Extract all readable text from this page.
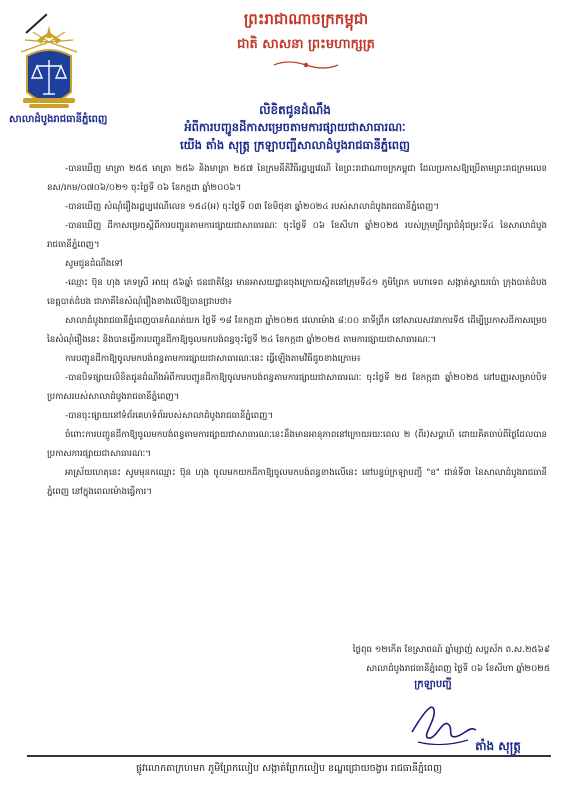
សាលាដំបូងរាជធានីភ្នំពេញ
ព្រះរាជាណាចក្រកម្ពុជា
ជាតិ សាសនា ព្រះមហាក្សត្រ
លិខិតជូនដំណឹង
អំពីការបញ្ជូនដីកាសម្រេចតាមការផ្សាយជាសាធារណៈ
យើង តាំង សុត្ត្រ ក្រឡាបញ្ជីសាលាដំបូងរាជធានីភ្នំពេញ

-បានឃើញ មាត្រា ២៥៥ មាត្រា ២៥៦ និងមាត្រា ២៥៧ នៃក្រមនីតិវិធីរដ្ឋប្បវេណី នៃព្រះរាជាណាចក្រកម្ពុជា ដែលប្រកាសឱ្យប្រើតាមព្រះរាជក្រមលេខ នស/រកម/០៧០៦/០២១ ចុះថ្ងៃទី ០៦ ខែកក្កដា ឆ្នាំ២០០៦។

-បានឃើញ សំណុំរឿងរដ្ឋប្បវេណីលេខ ១៥៤(អ) ចុះថ្ងៃទី ០៣ ខែមិថុនា ឆ្នាំ២០២៤ របស់សាលាដំបូងរាជធានីភ្នំពេញ។

-បានឃើញ ដីកាសម្រេចស្តីពីការបញ្ជូនតាមការផ្សាយជាសាធារណៈ ចុះថ្ងៃទី ០៦ ខែសីហា ឆ្នាំ២០២៥ របស់ក្រុមប្រឹក្សាជំនុំជម្រះទី៤ នៃសាលាដំបូងរាជធានីភ្នំពេញ។

សូមជូនដំណឹងទៅ

-ឈ្មោះ ប៊ុន ហុង ភេទស្រី អាយុ ៥៦ឆ្នាំ ជនជាតិខ្មែរ មានអាសយដ្ឋានចុងក្រោយស្ថិតនៅក្រុមទី៤១ ភូមិព្រែក មហាទេព សង្កាត់ស្វាយប៉ោ ក្រុងបាត់ដំបង ខេត្តបាត់ដំបង ជាភាគីនៃសំណុំរឿងខាងលើឱ្យបានជ្រាបថា៖

សាលាដំបូងរាជធានីភ្នំពេញបានកំណត់យក ថ្ងៃទី ១៨ ខែកក្កដា ឆ្នាំ២០២៥ វេលាម៉ោង ៨:០០ នាទីព្រឹក នៅសាលសវនាការទី៥ ដើម្បីប្រកាសដីកាសម្រេចនៃសំណុំរឿងនេះ និងបានធ្វើការបញ្ជូនដីកាឱ្យចូលមកបង់ពន្ធចុះថ្ងៃទី ២៤ ខែកក្កដា ឆ្នាំ២០២៥ តាមការផ្សាយជាសាធារណៈ។

ការបញ្ជូនដីកាឱ្យចូលមកបង់ពន្ធតាមការផ្សាយជាសាធារណៈនេះ ធ្វើឡើងតាមវិធីដូចខាងក្រោម៖

-បានបិទផ្សាយលិខិតជូនដំណឹងអំពីការបញ្ជូនដីកាឱ្យចូលមកបង់ពន្ធតាមការផ្សាយជាសាធារណៈ ចុះថ្ងៃទី ២៥ ខែកក្កដា ឆ្នាំ២០២៥ នៅបញ្ញរសម្រាប់បិទប្រកាសរបស់សាលាដំបូងរាជធានីភ្នំពេញ។

-បានចុះផ្សាយនៅទំព័រគេហទំព័ររបស់សាលាដំបូងរាជធានីភ្នំពេញ។

ចំពោះការបញ្ជូនដីកាឱ្យចូលមកបង់ពន្ធតាមការផ្សាយជាសាធារណៈនេះនឹងមានអានុភាពនៅក្រោយរយៈពេល ២ (ពីរ)សប្តាហ៍ ដោយគិតចាប់ពីថ្ងៃដែលបានប្រកាសការផ្សាយជាសាធារណៈ។

អាស្រ័យហេតុនេះ សូមមុនកឈ្មោះ ប៊ុន ហុង ចូលមកយកដីកាឱ្យចូលមកបង់ពន្ធខាងលើនេះ នៅបន្ទប់ក្រឡាបញ្ជី "ខ" ជាន់ទី៣ នៃសាលាដំបូងរាជធានីភ្នំពេញ នៅក្នុងពេលម៉ោងធ្វើការ។

ថ្ងៃពុធ ១២កើត ខែស្រាពណ៍ ឆ្នាំម្សាញ់ សប្តស័ក ព.ស.២៥៦៩
សាលាដំបូងរាជធានីភ្នំពេញ ថ្ងៃទី ០៦ ខែសីហា ឆ្នាំ២០២៥
ក្រឡាបញ្ជី
តាំង សុត្ត្រ
ផ្លូវលោកតាក្រហមក ភូមិព្រែកលៀប សង្កាត់ព្រែកលៀប ខណ្ឌជ្រោយចង្វារ រាជធានីភ្នំពេញ
